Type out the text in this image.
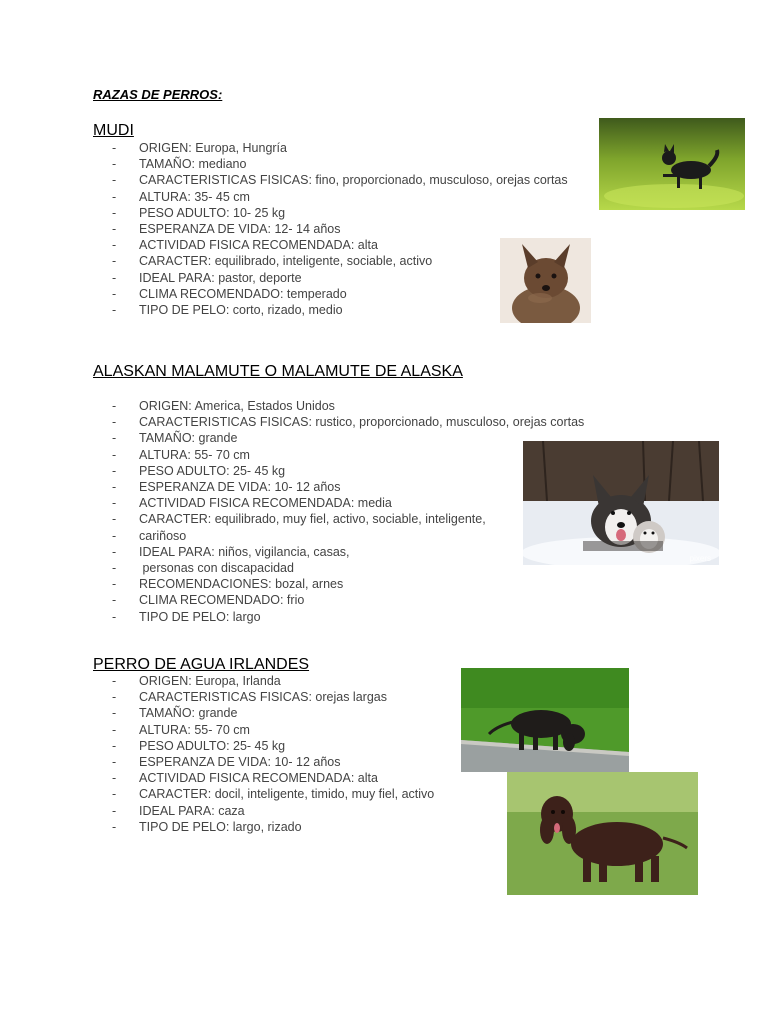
RAZAS DE PERROS:
MUDI
- ORIGEN: Europa, Hungría
- TAMAÑO: mediano
- CARACTERISTICAS FISICAS: fino, proporcionado, musculoso, orejas cortas
- ALTURA: 35- 45 cm
- PESO ADULTO: 10- 25 kg
- ESPERANZA DE VIDA: 12- 14 años
- ACTIVIDAD FISICA RECOMENDADA: alta
- CARACTER: equilibrado, inteligente, sociable, activo
- IDEAL PARA: pastor, deporte
- CLIMA RECOMENDADO: temperado
- TIPO DE PELO: corto, rizado, medio
ALASKAN MALAMUTE O MALAMUTE DE ALASKA
- ORIGEN: America, Estados Unidos
- CARACTERISTICAS FISICAS: rustico, proporcionado, musculoso, orejas cortas
- TAMAÑO: grande
- ALTURA: 55- 70 cm
- PESO ADULTO: 25- 45 kg
- ESPERANZA DE VIDA: 10- 12 años
- ACTIVIDAD FISICA RECOMENDADA: media
- CARACTER: equilibrado, muy fiel, activo, sociable, inteligente,
- cariñoso
- IDEAL PARA: niños, vigilancia, casas,
- personas con discapacidad
- RECOMENDACIONES: bozal, arnes
- CLIMA RECOMENDADO: frio
- TIPO DE PELO: largo
pixers
PERRO DE AGUA IRLANDES
- ORIGEN: Europa, Irlanda
- CARACTERISTICAS FISICAS: orejas largas
- TAMAÑO: grande
- ALTURA: 55- 70 cm
- PESO ADULTO: 25- 45 kg
- ESPERANZA DE VIDA: 10- 12 años
- ACTIVIDAD FISICA RECOMENDADA: alta
- CARACTER: docil, inteligente, timido, muy fiel, activo
- IDEAL PARA: caza
- TIPO DE PELO: largo, rizado
